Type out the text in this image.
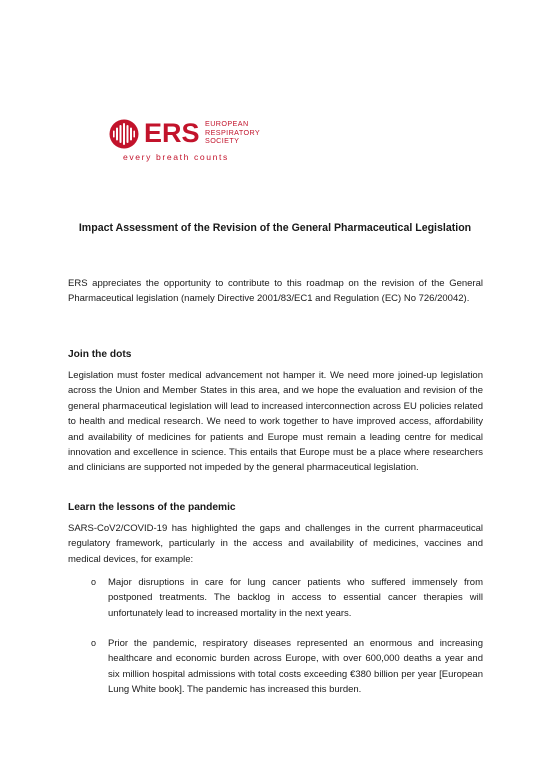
ERS EUROPEAN
RESPIRATORY
SOCIETY
every breath counts
Impact Assessment of the Revision of the General Pharmaceutical Legislation

ERS appreciates the opportunity to contribute to this roadmap on the revision of the General Pharmaceutical legislation (namely Directive 2001/83/EC1 and Regulation (EC) No 726/20042).

Join the dots

Legislation must foster medical advancement not hamper it. We need more joined-up legislation across the Union and Member States in this area, and we hope the evaluation and revision of the general pharmaceutical legislation will lead to increased interconnection across EU policies related to health and medical research. We need to work together to have improved access, affordability and availability of medicines for patients and Europe must remain a leading centre for medical innovation and excellence in science. This entails that Europe must be a place where researchers and clinicians are supported not impeded by the general pharmaceutical legislation.

Learn the lessons of the pandemic

SARS-CoV2/COVID-19 has highlighted the gaps and challenges in the current pharmaceutical regulatory framework, particularly in the access and availability of medicines, vaccines and medical devices, for example:

o Major disruptions in care for lung cancer patients who suffered immensely from postponed treatments. The backlog in access to essential cancer therapies will unfortunately lead to increased mortality in the next years.
o Prior the pandemic, respiratory diseases represented an enormous and increasing healthcare and economic burden across Europe, with over 600,000 deaths a year and six million hospital admissions with total costs exceeding €380 billion per year [European Lung White book]. The pandemic has increased this burden.
